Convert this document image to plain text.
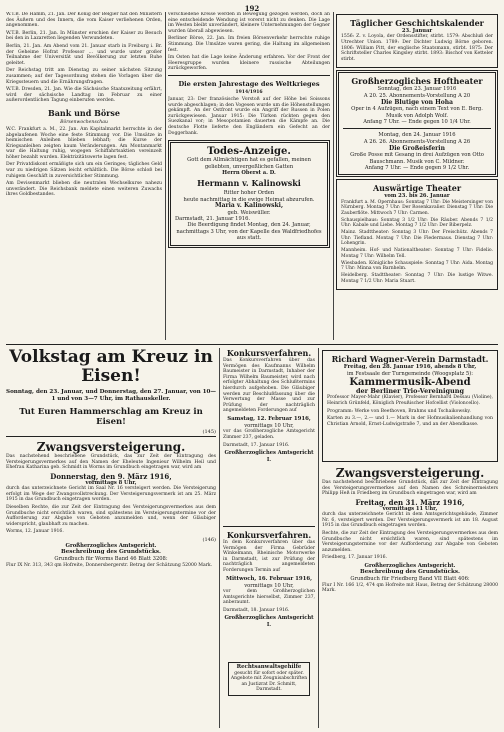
192

W.T.B. De Hamm, 21. Jan. Der König der Belgier hat den Ministern des Äußern und des Innern, die vom Kaiser verliehenen Orden, angenommen.

W.T.B. Berlin, 21. Jan. In Münster erschien der Kaiser zu Besuch bei den in Lazaretten liegenden Verwundeten.

Berlin, 21. Jan. Am Abend vom 21. Januar starb in Freiburg i. Br. der Geheime Hofrat Professor ... und wurde unter großer Teilnahme der Universität und Bevölkerung zur letzten Ruhe geleitet.

Der Reichstag tritt am Dienstag zu seiner nächsten Sitzung zusammen; auf der Tagesordnung stehen die Vorlagen über die Kriegssteuern und die Ernährungsfragen.

W.T.B. Dresden, 21. Jan. Wie die Sächsische Staatszeitung erfährt, wird der sächsische Landtag im Februar zu einer außerordentlichen Tagung einberufen werden.

Bank und Börse
Börsenwochenschau

W.C. Frankfurt a. M., 22. Jan. Am Kapitalmarkt herrschte in der abgelaufenen Woche eine feste Stimmung vor. Die Umsätze in heimischen Anleihen blieben lebhaft; die Kurse der Kriegsanleihen zeigten kaum Veränderungen. Am Montanmarkt war die Haltung ruhig, wogegen Schiffahrtsaktien vereinzelt höher bezahlt wurden. Elektrizitätswerte lagen fest.

Der Privatdiskont ermäßigte sich um ein Geringes; tägliches Geld war zu niedrigen Sätzen leicht erhältlich. Die Börse schloß bei ruhigem Geschäft in zuversichtlicher Stimmung.

Am Devisenmarkt blieben die neutralen Wechselkurse nahezu unverändert. Die Reichsbank meldete einen weiteren Zuwachs ihres Goldbestandes.

verschiedene Kreise werden in Bewegung gezogen werden, doch an eine entscheidende Wendung ist vorerst nicht zu denken. Die Lage im Westen bleibt unverändert, kleinere Unternehmungen der Gegner wurden überall abgewiesen.

Berliner Börse, 22. Jan. Im freien Börsenverkehr herrschte ruhige Stimmung. Die Umsätze waren gering, die Haltung im allgemeinen fest.

Im Osten hat die Lage keine Änderung erfahren. Vor der Front der Heeresgruppe wurden kleinere russische Abteilungen zurückgeworfen.

Die ersten Jahrestage des Weltkrieges
1914/1916

Januar, 23: Der französische Vorstoß auf der Höhe bei Soissons wurde abgeschlagen; in den Vogesen wurde um die Höhenstellungen gekämpft. An der Ostfront wurde ein Angriff der Russen in Polen zurückgewiesen. Januar 1915: Die Türken rückten gegen den Suezkanal vor; in Mesopotamien dauerten die Kämpfe an. Die deutsche Flotte lieferte den Engländern ein Gefecht an der Doggerbank.

Todes-Anzeige.

Gott dem Allmächtigen hat es gefallen, meinen geliebten, unvergeßlichen Gatten

Herrn Oberst a. D.

Hermann v. Kalinowski

Ritter hoher Orden

heute nachmittag in die ewige Heimat abzurufen.

Maria v. Kalinowski,

geb. Weiswüller.

Darmstadt, 21. Januar 1916.

Die Beerdigung findet Montag, den 24. Januar, nachmittags 3 Uhr, von der Kapelle des Waldfriedhofes aus statt.

Täglicher Geschichtskalender

23. Januar

1556: Z. v. Loyola, der Ordensstifter, stirbt. 1579: Abschluß der Utrechter Union. 1789: Der Dichter Ludwig Börne geboren. 1806: William Pitt, der englische Staatsmann, stirbt. 1875: Der Schriftsteller Charles Kingsley stirbt. 1893: Bischof von Ketteler stirbt.

Großherzogliches Hoftheater

Sonntag, den 23. Januar 1916

A 20. 25. Abonnements-Vorstellung A 20

Die Blutige von Hoha

Oper in 4 Aufzügen, nach einem Text von E. Berg. Musik von Adolph Wolf.

Anfang 7 Uhr. — Ende gegen 10 1/4 Uhr.

Montag, den 24. Januar 1916

A 26. 26. Abonnements-Vorstellung A 26

Die Großeisferin

Große Posse mit Gesang in drei Aufzügen von Otto Bauschmann. Musik von C. Mildner.

Anfang 7 Uhr. — Ende gegen 9 1/2 Uhr.

Auswärtige Theater

vom 23. bis 26. Januar

Frankfurt a. M. Opernhaus: Sonntag 7 Uhr: Die Meistersinger von Nürnberg. Montag 7 Uhr: Der Rosenkavalier. Dienstag 7 Uhr: Die Zauberflöte. Mittwoch 7 Uhr: Carmen.

Schauspielhaus: Sonntag 3 1/2 Uhr: Die Räuber. Abends 7 1/2 Uhr: Kabale und Liebe. Montag 7 1/2 Uhr: Der Biberpelz.

Mainz. Stadttheater: Sonntag 3 Uhr: Der Freischütz. Abends 7 Uhr: Tiefland. Montag 7 Uhr: Die Fledermaus. Dienstag 7 Uhr: Lohengrin.

Mannheim. Hof- und Nationaltheater: Sonntag 7 Uhr: Fidelio. Montag 7 Uhr: Wilhelm Tell.

Wiesbaden. Königliche Schauspiele: Sonntag 7 Uhr: Aida. Montag 7 Uhr: Minna von Barnhelm.

Heidelberg. Stadttheater: Sonntag 7 Uhr: Die lustige Witwe. Montag 7 1/2 Uhr: Maria Stuart.

Volkstag am Kreuz in Eisen!

Sonntag, den 23. Januar, und Donnerstag, den 27. Januar, von 10—1 und von 3—7 Uhr, im Rathauskeller.

Tut Euren Hammerschlag am Kreuz in Eisen!
(145)
Zwangsversteigerung.

Das nachstehend beschriebene Grundstück, das zur Zeit der Eintragung des Versteigerungsvermerkes auf den Namen der Eheleute Ingenieur Wilhelm Heil und Ehefrau Katharina geb. Schmidt in Worms im Grundbuch eingetragen war, wird am

Donnerstag, den 9. März 1916,

vormittags 8 Uhr,

durch das unterzeichnete Gericht im Saal Nr. 16 versteigert werden. Die Versteigerung erfolgt im Wege der Zwangsvollstreckung. Der Versteigerungsvermerk ist am 25. März 1915 in das Grundbuch eingetragen worden.

Dieselben Rechte, die zur Zeit der Eintragung des Versteigerungsvermerkes aus dem Grundbuche nicht ersichtlich waren, sind spätestens im Versteigerungstermine vor der Aufforderung zur Abgabe von Geboten anzumelden und, wenn der Gläubiger widerspricht, glaubhaft zu machen.

Worms, 12. Januar 1916.

(146)

Großherzogliches Amtsgericht.

Beschreibung des Grundstücks.

Grundbuch für Worms Band 46 Blatt 3208:

Flur IX Nr. 313, 343 qm Hofreite, Donnersbergerstr. Betrag der Schätzung 52000 Mark.

Konkursverfahren.

Das Konkursverfahren über das Vermögen des Kaufmanns Wilhelm Baumeister in Darmstadt, Inhaber der Firma Wilhelm Baumeister, wird nach erfolgter Abhaltung des Schlußtermins hierdurch aufgehoben. Die Gläubiger werden zur Beschlußfassung über die Verwertung der Masse und zur Prüfung der nachträglich angemeldeten Forderungen auf

Samstag, 12. Februar 1916,

vormittags 10 Uhr,

vor das Großherzogliche Amtsgericht Zimmer 237, geladen.

Darmstadt, 17. Januar 1916.

Großherzogliches Amtsgericht I.

Konkursverfahren.

In dem Konkursverfahren über das Vermögen der Firma Gebrüder Winkelmann, Rheinische Motorwerke in Darmstadt, ist zur Prüfung der nachträglich angemeldeten Forderungen Termin auf

Mittwoch, 16. Februar 1916,

vormittags 10 Uhr,

vor dem Großherzoglichen Amtsgerichte hierselbst, Zimmer 237, anberaumt.

Darmstadt, 18. Januar 1916.

Großherzogliches Amtsgericht I.

Rechtsanwaltsgehilfe
gesucht für sofort oder später. Angebote mit Zeugnisabschriften an Justizrat Dr. Schmitt, Darmstadt.
Richard Wagner-Verein Darmstadt.

Freitag, den 28. Januar 1916, abends 8 Uhr,

im Festsaale der Turngemeinde (Woogsplatz 5):

Kammermusik-Abend

der Berliner Trio-Vereinigung

Professor Mayer-Mahr (Klavier), Professor Bernhard Dessau (Violine), Heinrich Grünfeld, Königlich Preußischer Hofcellist (Violoncello).

Programm: Werke von Beethoven, Brahms und Tschaikowsky.

Karten zu 3.—, 2.— und 1.— Mark in der Hofmusikalienhandlung von Christian Arnold, Ernst-Ludwigstraße 7, und an der Abendkasse.

Zwangsversteigerung.

Das nachstehend beschriebene Grundstück, das zur Zeit der Eintragung des Versteigerungsvermerkes auf den Namen des Schreinermeisters Philipp Heß in Friedberg im Grundbuch eingetragen war, wird am

Freitag, den 31. März 1916,

vormittags 11 Uhr,

durch das unterzeichnete Gericht in dem Amtsgerichtsgebäude, Zimmer Nr. 6, versteigert werden. Der Versteigerungsvermerk ist am 18. August 1915 in das Grundbuch eingetragen worden.

Rechte, die zur Zeit der Eintragung des Versteigerungsvermerkes aus dem Grundbuche nicht ersichtlich waren, sind spätestens im Versteigerungstermine vor der Aufforderung zur Abgabe von Geboten anzumelden.

Friedberg, 17. Januar 1916.

Großherzogliches Amtsgericht.

Beschreibung des Grundstücks.

Grundbuch für Friedberg Band VII Blatt 406:

Flur I Nr. 166 1/2, 474 qm Hofreite mit Haus, Betrag der Schätzung 28000 Mark.
